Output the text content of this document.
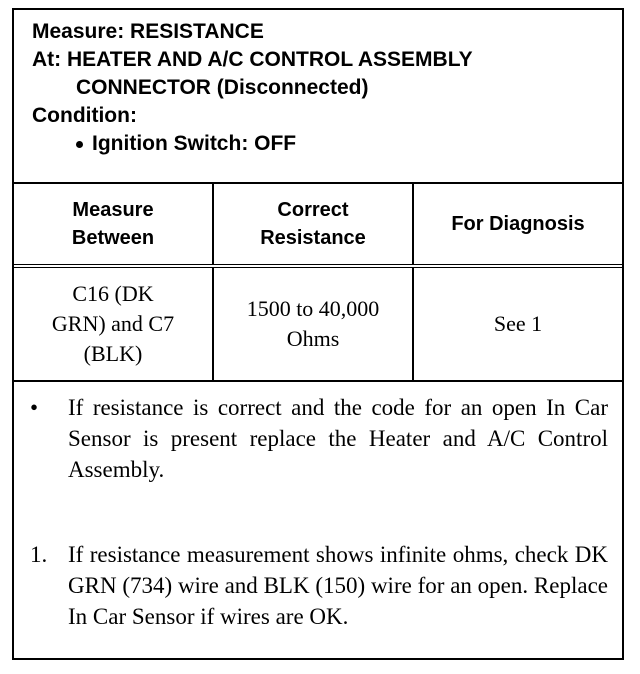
Measure: RESISTANCE
At: HEATER AND A/C CONTROL ASSEMBLY
CONNECTOR (Disconnected)
Condition:
Ignition Switch: OFF
Measure
Between
Correct
Resistance
For Diagnosis
C16 (DK
GRN) and C7
(BLK)
1500 to 40,000
Ohms
See 1
•	If resistance is correct and the code for an open In Car Sensor is present replace the Heater and A/C Control Assembly.
1. If resistance measurement shows infinite ohms, check DK GRN (734) wire and BLK (150) wire for an open. Replace In Car Sensor if wires are OK.
